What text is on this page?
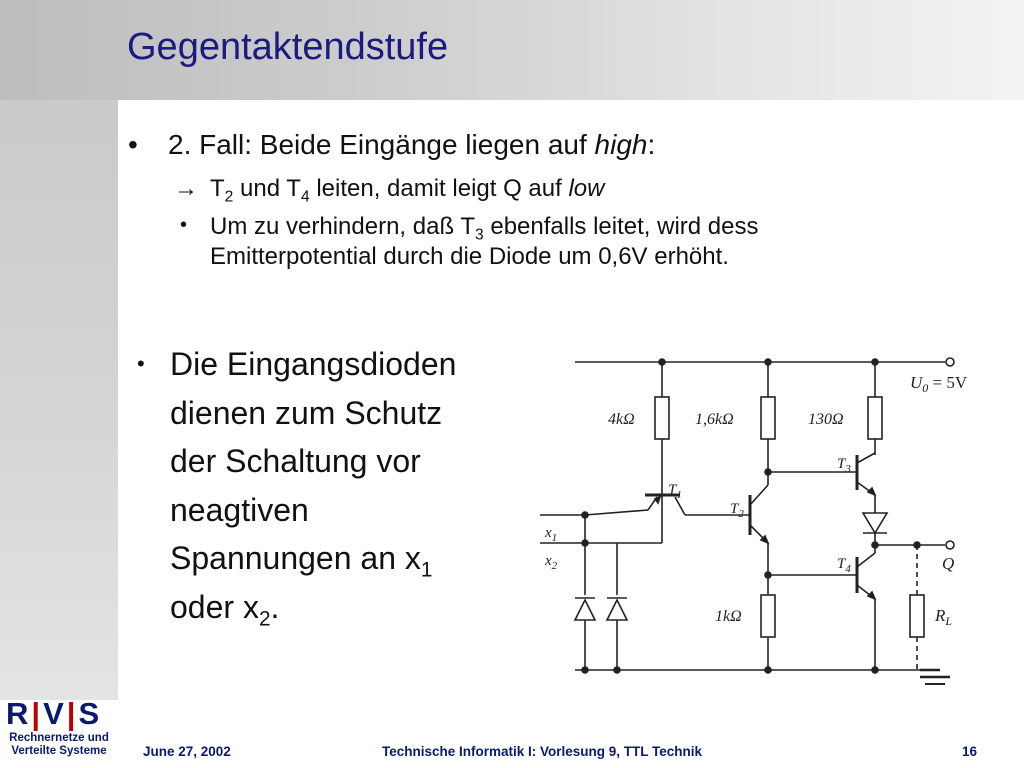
Gegentaktendstufe
• 2. Fall: Beide Eingänge liegen auf high:
→ $T_2$ und $T_4$ leiten, damit leigt Q auf low
• Um zu verhindern, daß $T_3$ ebenfalls leitet, wird dess
Emitterpotential durch die Diode um 0,6V erhöht.
• Die Eingangsdioden
dienen zum Schutz
der Schaltung vor
neagtiven
Spannungen an $x_1$
oder $x_2$.
$U_0 = 5V$
4kΩ
$T_1$
$x_1$
$x_2$
1,6kΩ
$T_2$
1kΩ
130Ω
$T_3$
Q
$T_4$
$R_L$
R|V|S
Rechnernetze und
Verteilte Systeme	June 27, 2002	Technische Informatik I: Vorlesung 9, TTL Technik	16
